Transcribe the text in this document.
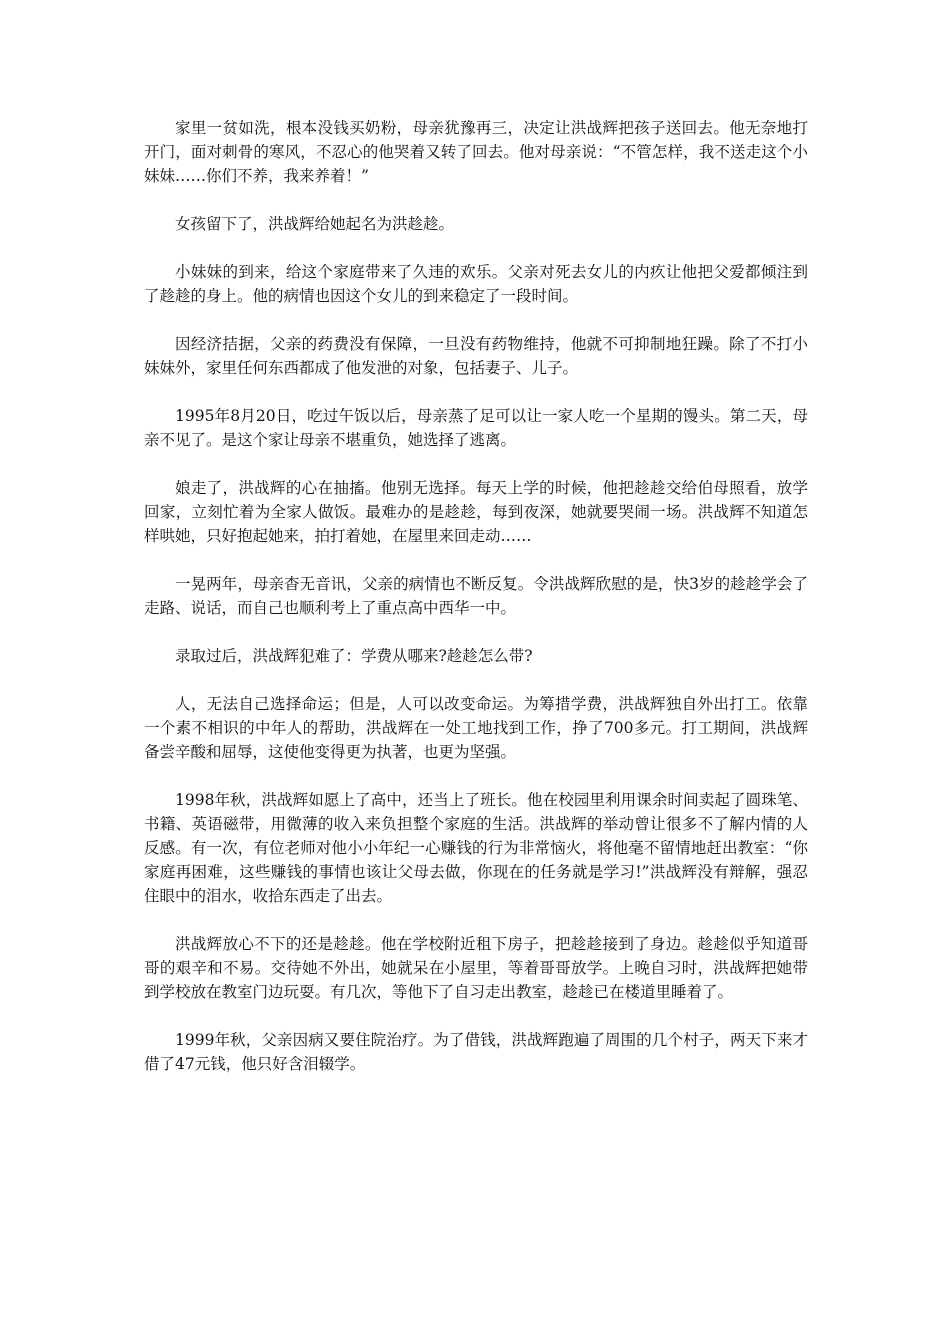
家里一贫如洗，根本没钱买奶粉，母亲犹豫再三，决定让洪战辉把孩子送回去。他无奈地打开门，面对刺骨的寒风，不忍心的他哭着又转了回去。他对母亲说：“不管怎样，我不送走这个小妹妹……你们不养，我来养着！”

女孩留下了，洪战辉给她起名为洪趁趁。

小妹妹的到来，给这个家庭带来了久违的欢乐。父亲对死去女儿的内疚让他把父爱都倾注到了趁趁的身上。他的病情也因这个女儿的到来稳定了一段时间。

因经济拮据，父亲的药费没有保障，一旦没有药物维持，他就不可抑制地狂躁。除了不打小妹妹外，家里任何东西都成了他发泄的对象，包括妻子、儿子。

1995年8月20日，吃过午饭以后，母亲蒸了足可以让一家人吃一个星期的馒头。第二天，母亲不见了。是这个家让母亲不堪重负，她选择了逃离。

娘走了，洪战辉的心在抽搐。他别无选择。每天上学的时候，他把趁趁交给伯母照看，放学回家，立刻忙着为全家人做饭。最难办的是趁趁，每到夜深，她就要哭闹一场。洪战辉不知道怎样哄她，只好抱起她来，拍打着她，在屋里来回走动……

一晃两年，母亲杳无音讯，父亲的病情也不断反复。令洪战辉欣慰的是，快3岁的趁趁学会了走路、说话，而自己也顺利考上了重点高中西华一中。

录取过后，洪战辉犯难了：学费从哪来?趁趁怎么带?

人，无法自己选择命运；但是，人可以改变命运。为筹措学费，洪战辉独自外出打工。依靠一个素不相识的中年人的帮助，洪战辉在一处工地找到工作，挣了700多元。打工期间，洪战辉备尝辛酸和屈辱，这使他变得更为执著，也更为坚强。

1998年秋，洪战辉如愿上了高中，还当上了班长。他在校园里利用课余时间卖起了圆珠笔、书籍、英语磁带，用微薄的收入来负担整个家庭的生活。洪战辉的举动曾让很多不了解内情的人反感。有一次，有位老师对他小小年纪一心赚钱的行为非常恼火，将他毫不留情地赶出教室：“你家庭再困难，这些赚钱的事情也该让父母去做，你现在的任务就是学习!”洪战辉没有辩解，强忍住眼中的泪水，收拾东西走了出去。

洪战辉放心不下的还是趁趁。他在学校附近租下房子，把趁趁接到了身边。趁趁似乎知道哥哥的艰辛和不易。交待她不外出，她就呆在小屋里，等着哥哥放学。上晚自习时，洪战辉把她带到学校放在教室门边玩耍。有几次，等他下了自习走出教室，趁趁已在楼道里睡着了。

1999年秋，父亲因病又要住院治疗。为了借钱，洪战辉跑遍了周围的几个村子，两天下来才借了47元钱，他只好含泪辍学。
